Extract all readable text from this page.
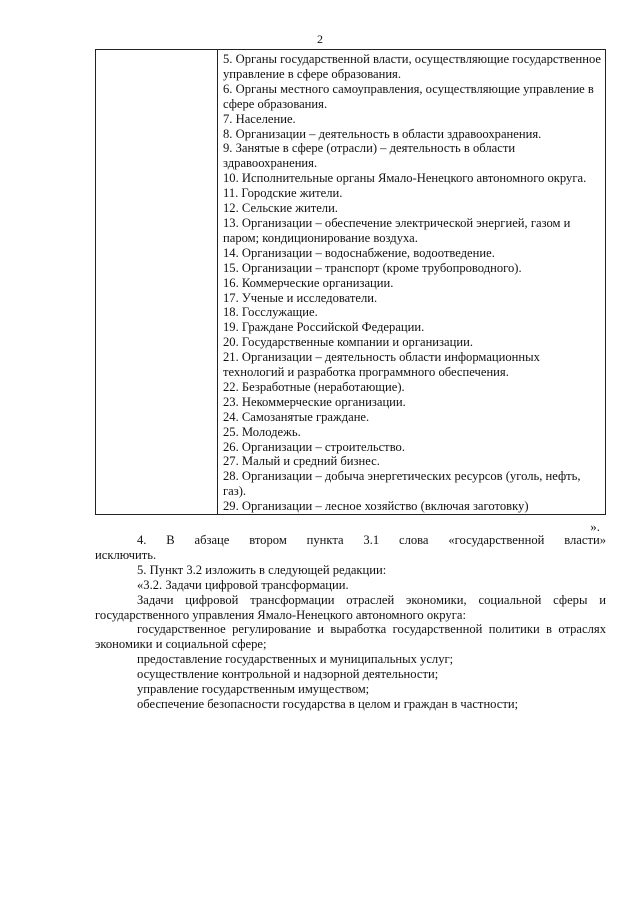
2
5. Органы государственной власти, осуществляющие государственное управление в сфере образования.
6. Органы местного самоуправления, осуществляющие управление в сфере образования.
7. Население.
8. Организации – деятельность в области здравоохранения.
9. Занятые в сфере (отрасли) – деятельность в области здравоохранения.
10. Исполнительные органы Ямало-Ненецкого автономного округа.
11. Городские жители.
12. Сельские жители.
13. Организации – обеспечение электрической энергией, газом и паром; кондиционирование воздуха.
14. Организации – водоснабжение, водоотведение.
15. Организации – транспорт (кроме трубопроводного).
16. Коммерческие организации.
17. Ученые и исследователи.
18. Госслужащие.
19. Граждане Российской Федерации.
20. Государственные компании и организации.
21. Организации – деятельность области информационных технологий и разработка программного обеспечения.
22. Безработные (неработающие).
23. Некоммерческие организации.
24. Самозанятые граждане.
25. Молодежь.
26. Организации – строительство.
27. Малый и средний бизнес.
28. Организации – добыча энергетических ресурсов (уголь, нефть, газ).
29. Организации – лесное хозяйство (включая заготовку)
».

4. В абзаце втором пункта 3.1 слова «государственной власти»

исключить.

5. Пункт 3.2 изложить в следующей редакции:

«3.2. Задачи цифровой трансформации.

Задачи цифровой трансформации отраслей экономики, социальной сферы и государственного управления Ямало-Ненецкого автономного округа:

государственное регулирование и выработка государственной политики в отраслях экономики и социальной сфере;

предоставление государственных и муниципальных услуг;

осуществление контрольной и надзорной деятельности;

управление государственным имуществом;

обеспечение безопасности государства в целом и граждан в частности;
